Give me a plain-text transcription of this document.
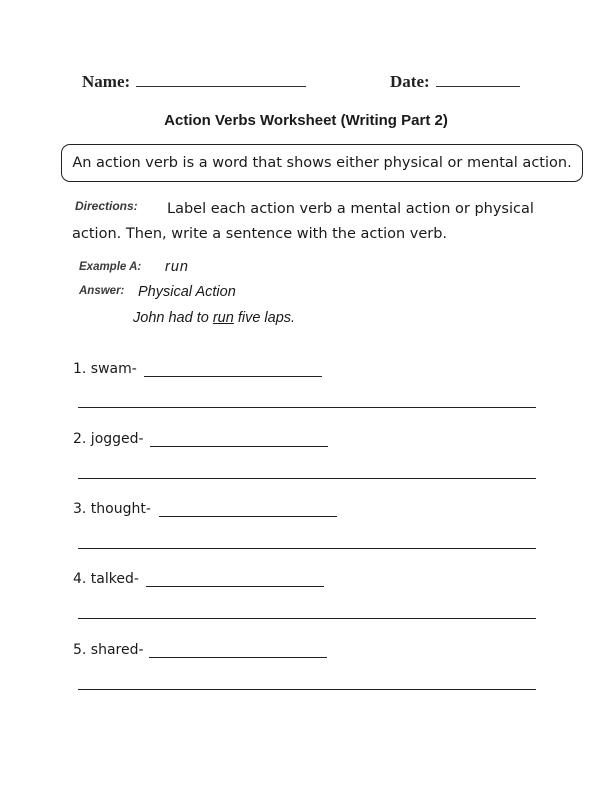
Name:	Date:
Action Verbs Worksheet (Writing Part 2)
An action verb is a word that shows either physical or mental action.
Directions:	Label each action verb a mental action or physical action. Then, write a sentence with the action verb.
Example A: run
Answer: Physical Action
John had to run five laps.
1. swam-
2. jogged-
3. thought-
4. talked-
5. shared-
